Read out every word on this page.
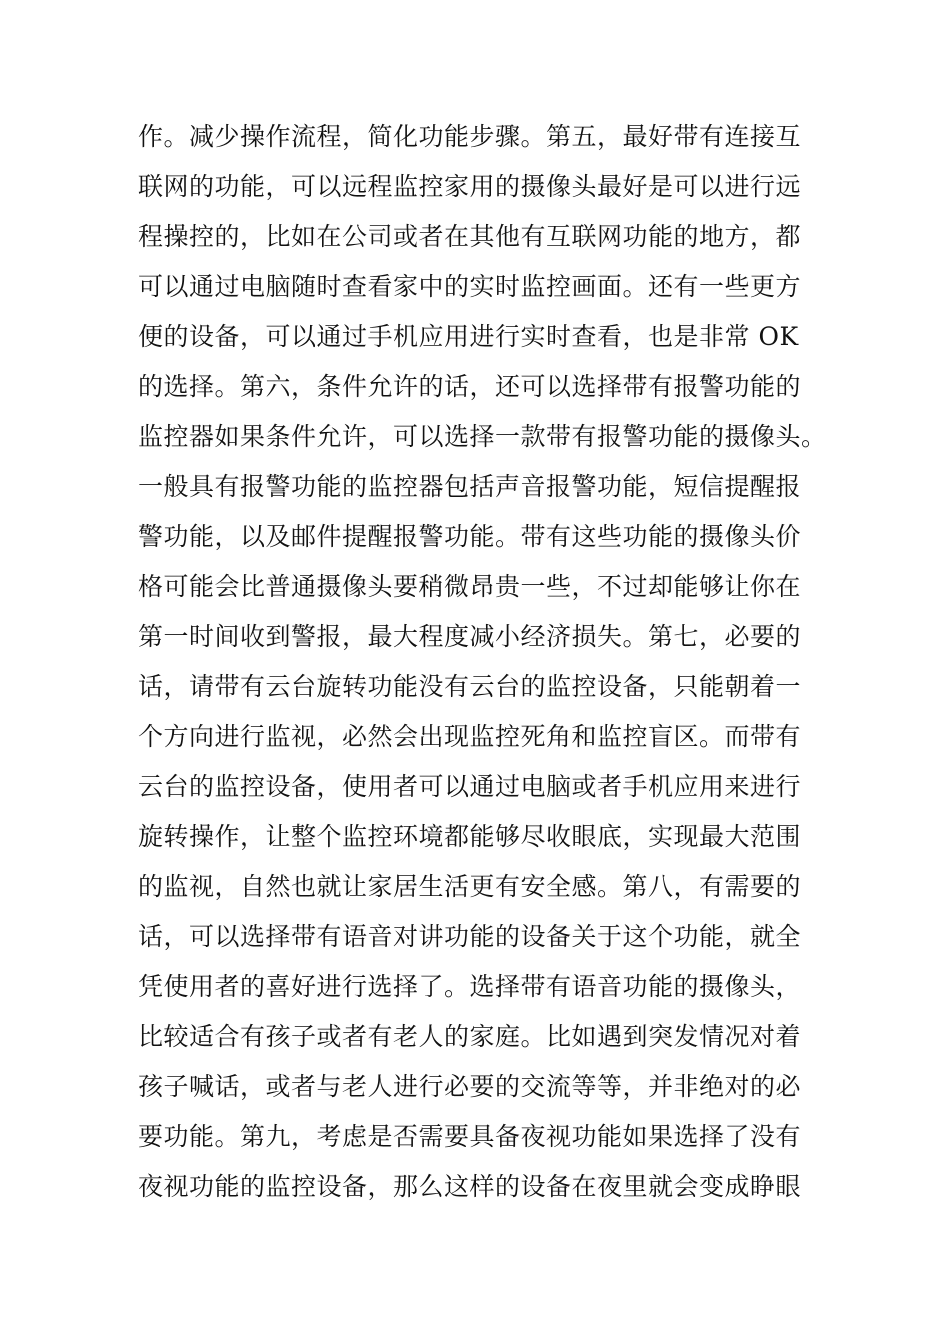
作。减少操作流程，简化功能步骤。第五，最好带有连接互
联网的功能，可以远程监控家用的摄像头最好是可以进行远
程操控的，比如在公司或者在其他有互联网功能的地方，都
可以通过电脑随时查看家中的实时监控画面。还有一些更方
便的设备，可以通过手机应用进行实时查看，也是非常 OK
的选择。第六，条件允许的话，还可以选择带有报警功能的
监控器如果条件允许，可以选择一款带有报警功能的摄像头。
一般具有报警功能的监控器包括声音报警功能，短信提醒报
警功能，以及邮件提醒报警功能。带有这些功能的摄像头价
格可能会比普通摄像头要稍微昂贵一些，不过却能够让你在
第一时间收到警报，最大程度减小经济损失。第七，必要的
话，请带有云台旋转功能没有云台的监控设备，只能朝着一
个方向进行监视，必然会出现监控死角和监控盲区。而带有
云台的监控设备，使用者可以通过电脑或者手机应用来进行
旋转操作，让整个监控环境都能够尽收眼底，实现最大范围
的监视，自然也就让家居生活更有安全感。第八，有需要的
话，可以选择带有语音对讲功能的设备关于这个功能，就全
凭使用者的喜好进行选择了。选择带有语音功能的摄像头，
比较适合有孩子或者有老人的家庭。比如遇到突发情况对着
孩子喊话，或者与老人进行必要的交流等等，并非绝对的必
要功能。第九，考虑是否需要具备夜视功能如果选择了没有
夜视功能的监控设备，那么这样的设备在夜里就会变成睁眼
